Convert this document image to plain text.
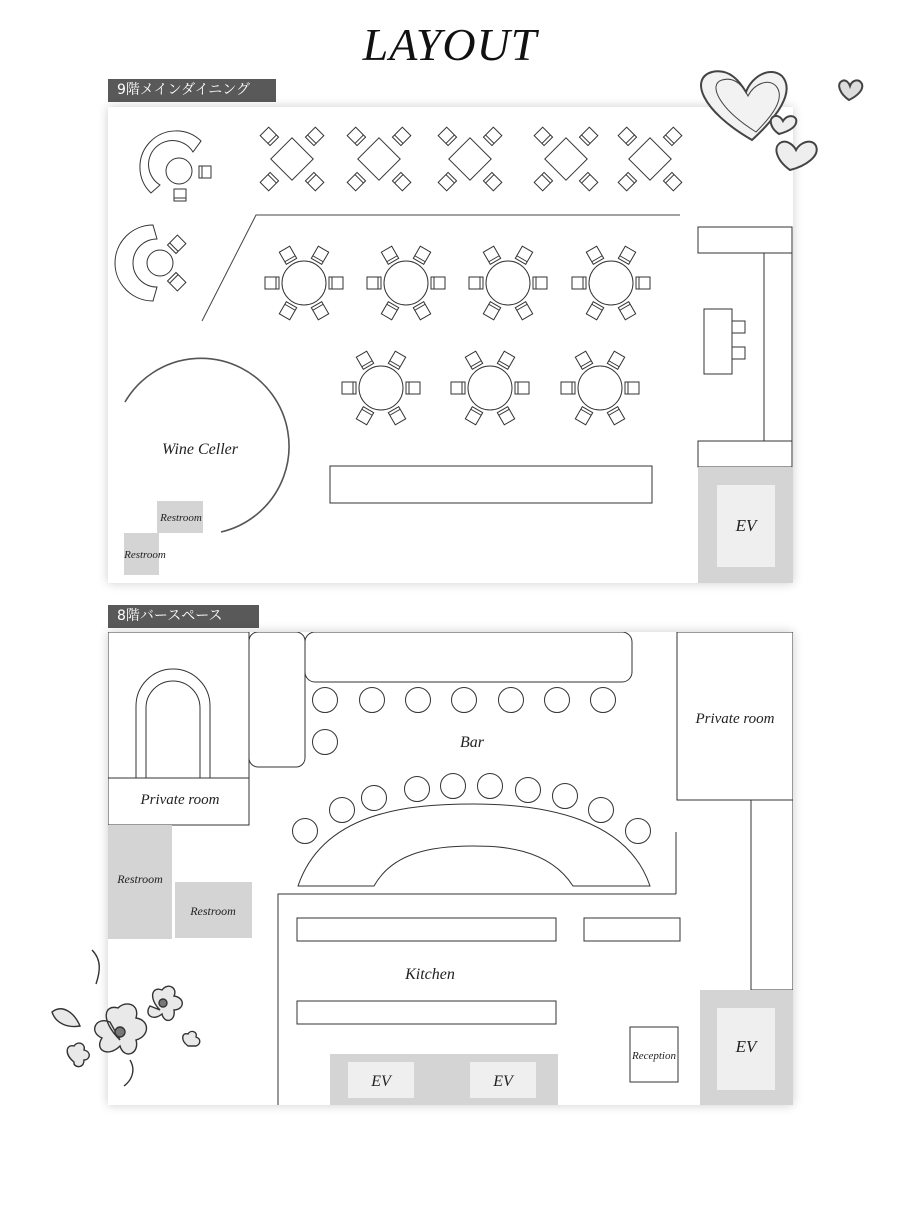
LAYOUT
9階メインダイニング
Wine Celler
Restroom
Restroom
EV
8階バースペース
Private room
Bar
Private room
Restroom
Restroom
Kitchen
EV	EV
Reception	EV
